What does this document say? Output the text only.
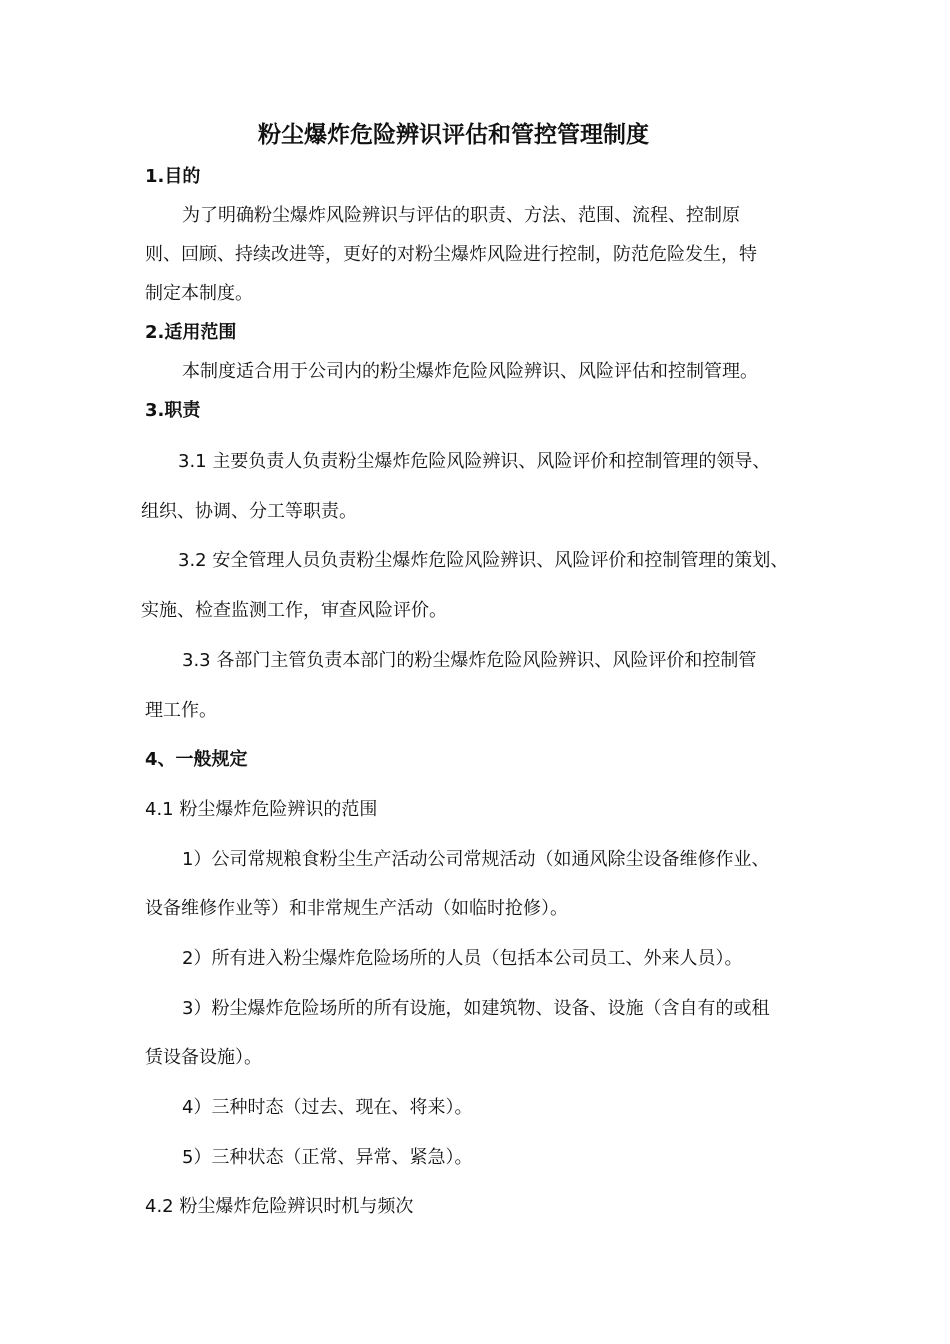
粉尘爆炸危险辨识评估和管控管理制度
1.目的
为了明确粉尘爆炸风险辨识与评估的职责、方法、范围、流程、控制原
则、回顾、持续改进等，更好的对粉尘爆炸风险进行控制，防范危险发生，特
制定本制度。
2.适用范围
本制度适合用于公司内的粉尘爆炸危险风险辨识、风险评估和控制管理。
3.职责
3.1 主要负责人负责粉尘爆炸危险风险辨识、风险评价和控制管理的领导、
组织、协调、分工等职责。
3.2 安全管理人员负责粉尘爆炸危险风险辨识、风险评价和控制管理的策划、
实施、检查监测工作，审查风险评价。
3.3 各部门主管负责本部门的粉尘爆炸危险风险辨识、风险评价和控制管
理工作。
4、一般规定
4.1 粉尘爆炸危险辨识的范围
1）公司常规粮食粉尘生产活动公司常规活动（如通风除尘设备维修作业、
设备维修作业等）和非常规生产活动（如临时抢修）。
2）所有进入粉尘爆炸危险场所的人员（包括本公司员工、外来人员）。
3）粉尘爆炸危险场所的所有设施，如建筑物、设备、设施（含自有的或租
赁设备设施）。
4）三种时态（过去、现在、将来）。
5）三种状态（正常、异常、紧急）。
4.2 粉尘爆炸危险辨识时机与频次
